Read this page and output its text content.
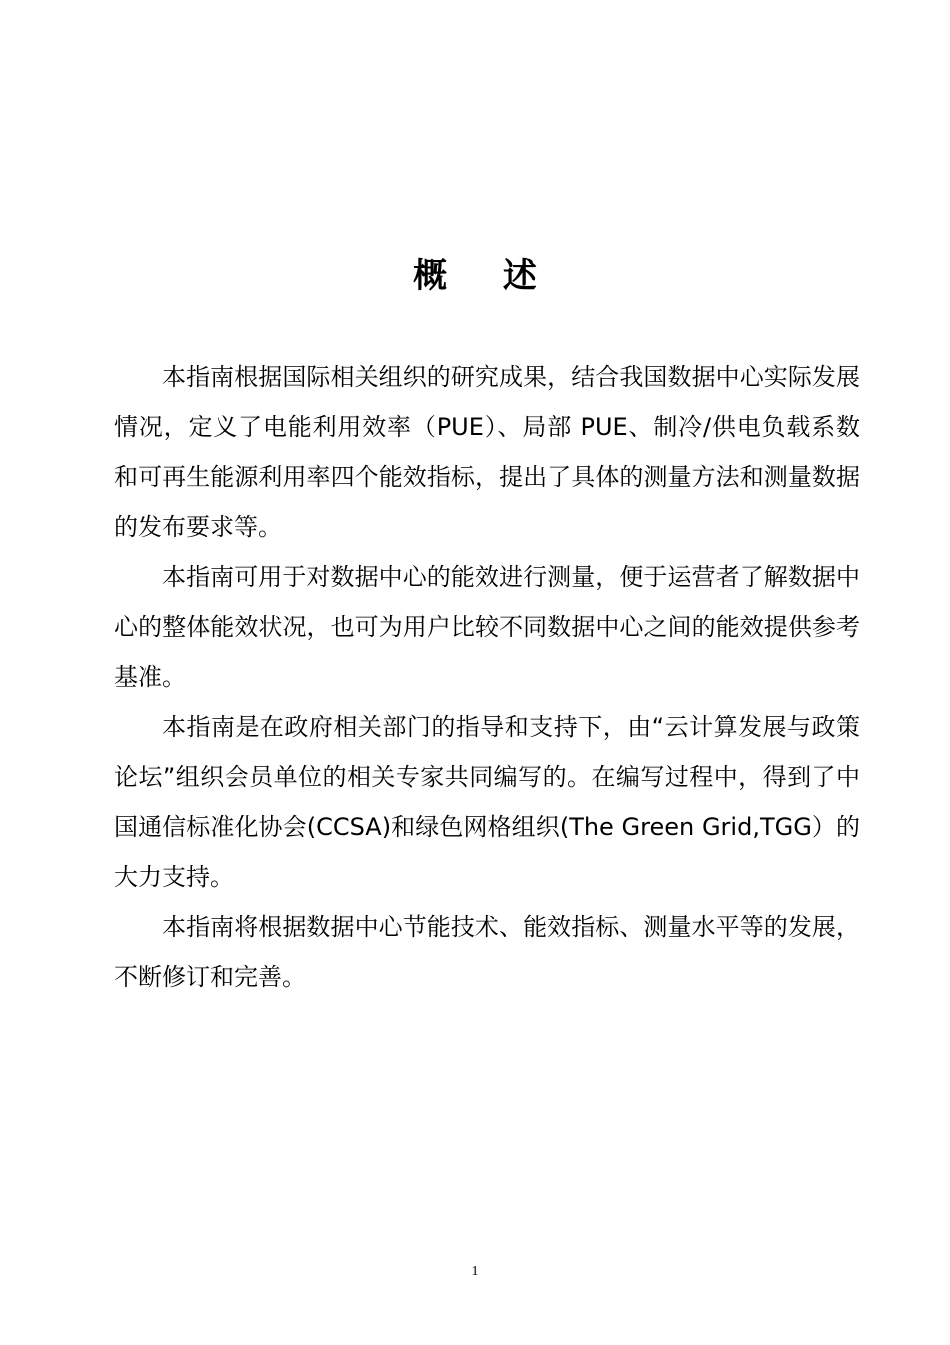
概 述

本指南根据国际相关组织的研究成果，结合我国数据中心实际发展情况，定义了电能利用效率（PUE）、局部 PUE、制冷/供电负载系数和可再生能源利用率四个能效指标，提出了具体的测量方法和测量数据的发布要求等。

本指南可用于对数据中心的能效进行测量，便于运营者了解数据中心的整体能效状况，也可为用户比较不同数据中心之间的能效提供参考基准。

本指南是在政府相关部门的指导和支持下，由“云计算发展与政策论坛”组织会员单位的相关专家共同编写的。在编写过程中，得到了中国通信标准化协会(CCSA)和绿色网格组织(The Green Grid,TGG）的大力支持。

本指南将根据数据中心节能技术、能效指标、测量水平等的发展，不断修订和完善。

1
